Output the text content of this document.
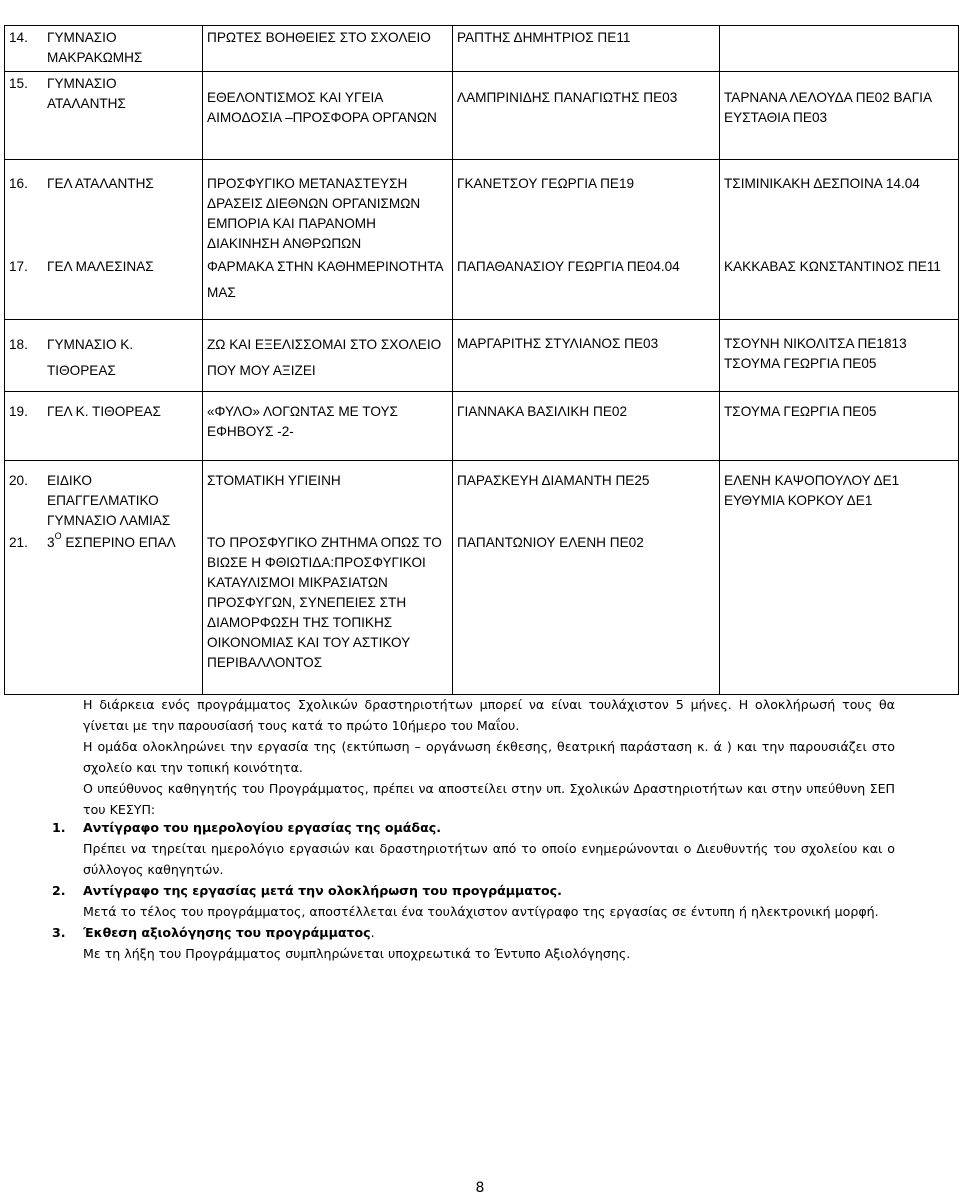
14. ΓΥΜΝΑΣΙΟ ΜΑΚΡΑΚΩΜΗΣ	ΠΡΩΤΕΣ ΒΟΗΘΕΙΕΣ ΣΤΟ ΣΧΟΛΕΙΟ	ΡΑΠΤΗΣ ΔΗΜΗΤΡΙΟΣ ΠΕ11	
15. ΓΥΜΝΑΣΙΟ ΑΤΑΛΑΝΤΗΣ	ΕΘΕΛΟΝΤΙΣΜΟΣ ΚΑΙ ΥΓΕΙΑ ΑΙΜΟΔΟΣΙΑ –ΠΡΟΣΦΟΡΑ ΟΡΓΑΝΩΝ	ΛΑΜΠΡΙΝΙΔΗΣ ΠΑΝΑΓΙΩΤΗΣ ΠΕ03	ΤΑΡΝΑΝΑ ΛΕΛΟΥΔΑ ΠΕ02 ΒΑΓΙΑ ΕΥΣΤΑΘΙΑ ΠΕ03
16. ΓΕΛ ΑΤΑΛΑΝΤΗΣ	ΠΡΟΣΦΥΓΙΚΟ ΜΕΤΑΝΑΣΤΕΥΣΗ ΔΡΑΣΕΙΣ ΔΙΕΘΝΩΝ ΟΡΓΑΝΙΣΜΩΝ ΕΜΠΟΡΙΑ ΚΑΙ ΠΑΡΑΝΟΜΗ ΔΙΑΚΙΝΗΣΗ ΑΝΘΡΩΠΩΝ	ΓΚΑΝΕΤΣΟΥ ΓΕΩΡΓΙΑ ΠΕ19	ΤΣΙΜΙΝΙΚΑΚΗ ΔΕΣΠΟΙΝΑ 14.04
17. ΓΕΛ ΜΑΛΕΣΙΝΑΣ	ΦΑΡΜΑΚΑ ΣΤΗΝ ΚΑΘΗΜΕΡΙΝΟΤΗΤΑ ΜΑΣ	ΠΑΠΑΘΑΝΑΣΙΟΥ ΓΕΩΡΓΙΑ ΠΕ04.04	ΚΑΚΚΑΒΑΣ ΚΩΝΣΤΑΝΤΙΝΟΣ ΠΕ11
18. ΓΥΜΝΑΣΙΟ Κ. ΤΙΘΟΡΕΑΣ	ΖΩ ΚΑΙ ΕΞΕΛΙΣΣΟΜΑΙ ΣΤΟ ΣΧΟΛΕΙΟ ΠΟΥ ΜΟΥ ΑΞΙΖΕΙ	ΜΑΡΓΑΡΙΤΗΣ ΣΤΥΛΙΑΝΟΣ ΠΕ03	ΤΣΟΥΝΗ ΝΙΚΟΛΙΤΣΑ ΠΕ1813 ΤΣΟΥΜΑ ΓΕΩΡΓΙΑ ΠΕ05
19. ΓΕΛ Κ. ΤΙΘΟΡΕΑΣ	«ΦΥΛΟ» ΛΟΓΩΝΤΑΣ ΜΕ ΤΟΥΣ ΕΦΗΒΟΥΣ -2-	ΓΙΑΝΝΑΚΑ ΒΑΣΙΛΙΚΗ ΠΕ02	ΤΣΟΥΜΑ ΓΕΩΡΓΙΑ ΠΕ05
20. ΕΙΔΙΚΟ ΕΠΑΓΓΕΛΜΑΤΙΚΟ ΓΥΜΝΑΣΙΟ ΛΑΜΙΑΣ	ΣΤΟΜΑΤΙΚΗ ΥΓΙΕΙΝΗ	ΠΑΡΑΣΚΕΥΗ ΔΙΑΜΑΝΤΗ ΠΕ25	ΕΛΕΝΗ ΚΑΨΟΠΟΥΛΟΥ ΔΕ1 ΕΥΘΥΜΙΑ ΚΟΡΚΟΥ ΔΕ1
21. $3^O$ ΕΣΠΕΡΙΝΟ ΕΠΑΛ	ΤΟ ΠΡΟΣΦΥΓΙΚΟ ΖΗΤΗΜΑ ΟΠΩΣ ΤΟ ΒΙΩΣΕ Η ΦΘΙΩΤΙΔΑ:ΠΡΟΣΦΥΓΙΚΟΙ ΚΑΤΑΥΛΙΣΜΟΙ ΜΙΚΡΑΣΙΑΤΩΝ ΠΡΟΣΦΥΓΩΝ, ΣΥΝΕΠΕΙΕΣ ΣΤΗ ΔΙΑΜΟΡΦΩΣΗ ΤΗΣ ΤΟΠΙΚΗΣ ΟΙΚΟΝΟΜΙΑΣ ΚΑΙ ΤΟΥ ΑΣΤΙΚΟΥ ΠΕΡΙΒΑΛΛΟΝΤΟΣ	ΠΑΠΑΝΤΩΝΙΟΥ ΕΛΕΝΗ ΠΕ02	

Η διάρκεια ενός προγράμματος Σχολικών δραστηριοτήτων μπορεί να είναι τουλάχιστον 5 μήνες. Η ολοκλήρωσή τους θα γίνεται με την παρουσίασή τους κατά το πρώτο 10ήμερο του Μαΐου.

Η ομάδα ολοκληρώνει την εργασία της (εκτύπωση – οργάνωση έκθεσης, θεατρική παράσταση κ. ά ) και την παρουσιάζει στο σχολείο και την τοπική κοινότητα.

Ο υπεύθυνος καθηγητής του Προγράμματος, πρέπει να αποστείλει στην υπ. Σχολικών Δραστηριοτήτων και στην υπεύθυνη ΣΕΠ του ΚΕΣΥΠ:

1. Αντίγραφο του ημερολογίου εργασίας της ομάδας.
Πρέπει να τηρείται ημερολόγιο εργασιών και δραστηριοτήτων από το οποίο ενημερώνονται ο Διευθυντής του σχολείου και ο σύλλογος καθηγητών.
2. Αντίγραφο της εργασίας μετά την ολοκλήρωση του προγράμματος.
Μετά το τέλος του προγράμματος, αποστέλλεται ένα τουλάχιστον αντίγραφο της εργασίας σε έντυπη ή ηλεκτρονική μορφή.
3. Έκθεση αξιολόγησης του προγράμματος.
Με τη λήξη του Προγράμματος συμπληρώνεται υποχρεωτικά το Έντυπο Αξιολόγησης.
8
